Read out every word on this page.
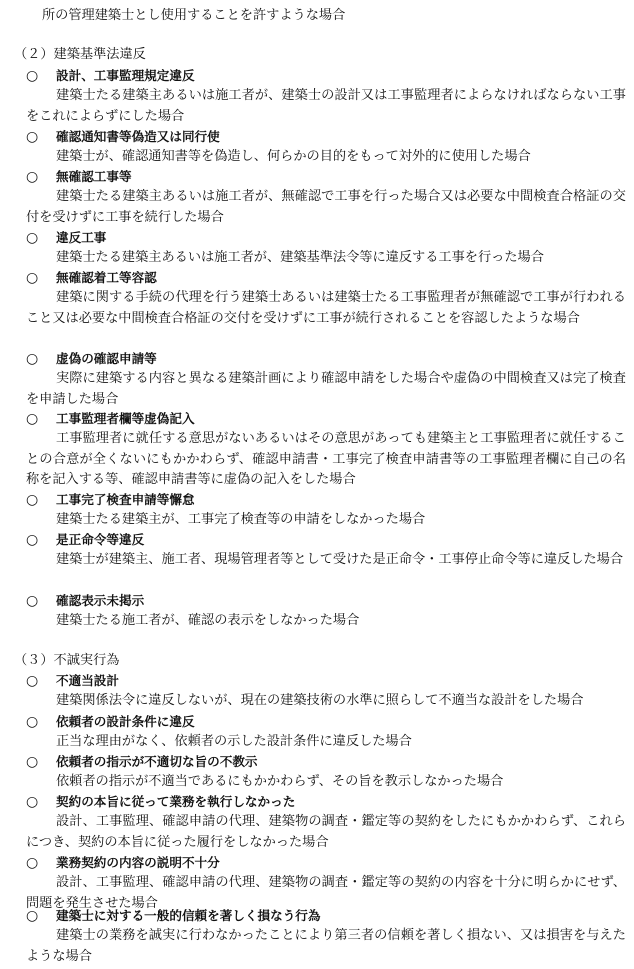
所の管理建築士とし使用することを許すような場合
（２）建築基準法違反
○	設計、工事監理規定違反
建築士たる建築主あるいは施工者が、建築士の設計又は工事監理者によらなければならない工事をこれによらずにした場合
○	確認通知書等偽造又は同行使
建築士が、確認通知書等を偽造し、何らかの目的をもって対外的に使用した場合
○	無確認工事等
建築士たる建築主あるいは施工者が、無確認で工事を行った場合又は必要な中間検査合格証の交付を受けずに工事を続行した場合
○	違反工事
建築士たる建築主あるいは施工者が、建築基準法令等に違反する工事を行った場合
○	無確認着工等容認
建築に関する手続の代理を行う建築士あるいは建築士たる工事監理者が無確認で工事が行われること又は必要な中間検査合格証の交付を受けずに工事が続行されることを容認したような場合
○	虚偽の確認申請等
実際に建築する内容と異なる建築計画により確認申請をした場合や虚偽の中間検査又は完了検査を申請した場合
○	工事監理者欄等虚偽記入
工事監理者に就任する意思がないあるいはその意思があっても建築主と工事監理者に就任することの合意が全くないにもかかわらず、確認申請書・工事完了検査申請書等の工事監理者欄に自己の名称を記入する等、確認申請書等に虚偽の記入をした場合
○	工事完了検査申請等懈怠
建築士たる建築主が、工事完了検査等の申請をしなかった場合
○	是正命令等違反
建築士が建築主、施工者、現場管理者等として受けた是正命令・工事停止命令等に違反した場合
○	確認表示未掲示
建築士たる施工者が、確認の表示をしなかった場合
（３）不誠実行為
○	不適当設計
建築関係法令に違反しないが、現在の建築技術の水準に照らして不適当な設計をした場合
○	依頼者の設計条件に違反
正当な理由がなく、依頼者の示した設計条件に違反した場合
○	依頼者の指示が不適切な旨の不教示
依頼者の指示が不適当であるにもかかわらず、その旨を教示しなかった場合
○	契約の本旨に従って業務を執行しなかった
設計、工事監理、確認申請の代理、建築物の調査・鑑定等の契約をしたにもかかわらず、これらにつき、契約の本旨に従った履行をしなかった場合
○	業務契約の内容の説明不十分
設計、工事監理、確認申請の代理、建築物の調査・鑑定等の契約の内容を十分に明らかにせず、問題を発生させた場合
○	建築士に対する一般的信頼を著しく損なう行為
建築士の業務を誠実に行わなかったことにより第三者の信頼を著しく損ない、又は損害を与えたような場合
